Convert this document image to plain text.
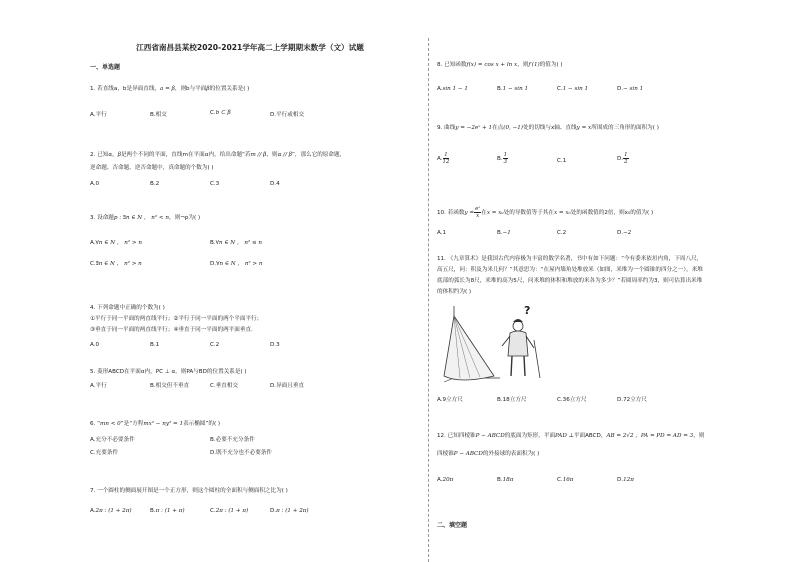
江西省南昌县某校2020-2021学年高二上学期期末数学（文）试题
一、单选题
1. 若直线a，b是异面直线，a = β，则b与平面β的位置关系是( )
A.平行	B.相交	C.b ⊂ β	D.平行或相交
2. 已知α，β是两个不同的平面，直线m在平面α内，给出命题“若m // β，则α // β”，那么它的原命题，
逆命题、否命题、逆否命题中，真命题的个数为( )
A.0	B.2	C.3	D.4
3. 设命题p : ∃n ∈ N ， n² < n，则¬p为( )
A.∀n ∈ N ， n² > n	B.∀n ∈ N ， n² ≤ n
C.∃n ∈ N ， n² > n	D.∀n ∈ N ， n² > n
4. 下列命题中正确的个数为( )
①平行于同一平面的两直线平行；②平行于同一平面的两个平面平行；
③垂直于同一平面的两直线平行；④垂直于同一平面的两平面垂直.
A.0	B.1	C.2	D.3
5. 菱形ABCD在平面α内，PC ⊥ α，则PA与BD的位置关系是( )
A.平行	B.相交但不垂直	C.垂直相交	D.异面且垂直
6. “mn < 0”是“方程mx² − ny² = 1表示椭圆”的( )
A.充分不必要条件	B.必要不充分条件
C.充要条件	D.既不充分也不必要条件
7. 一个圆柱的侧面展开图是一个正方形，则这个圆柱的全面积与侧面积之比为( )
A.2π : (1 + 2π)	B.π : (1 + π)	C.2π : (1 + π)	D.π : (1 + 2π)
8. 已知函数f(x) = cos x + ln x，则f′(1)的值为( )
A.sin 1 − 1	B.1 − sin 1	C.1 − sin 1	D.− sin 1
9. 曲线y = −2eˣ + 1在点(0, −1)处的切线与x轴、直线y = x所围成的三角形的面积为( )
A. $\frac{1}{12}$	B. $\frac{1}{3}$	C.1	D. $\frac{1}{2}$
10. 若函数$y = \frac{\text{eˣ}}{x}$ 在x = x₀处的导数值等于其在x = x₀处的函数值的2倍，则x₀的值为( )
A.1	B.−1	C.2	D.−2
11. 《九章算术》是我国古代内容极为丰富的数学名著，书中有如下问题：“今有委米依垣内角，下周八尺，
高五尺，问：积及为米几何？”其意思为：“在屋内墙角处堆放米（如图，米堆为一个圆锥的四分之一），米堆
底部的弧长为8尺，米堆的高为5尺，问米堆的体积和堆放的米各为多少？”若圆周率约为3，则可估算出米堆
的体积约为( )
?
A.9立方尺	B.18立方尺	C.36立方尺	D.72立方尺
12. 已知四棱锥P − ABCD的底面为矩形，平面PAD ⊥平面ABCD，AB = 2√2 ，PA = PD = AD = 3，则
四棱锥P − ABCD的外接球的表面积为( )
A.20π	B.18π	C.16π	D.12π
二、填空题
